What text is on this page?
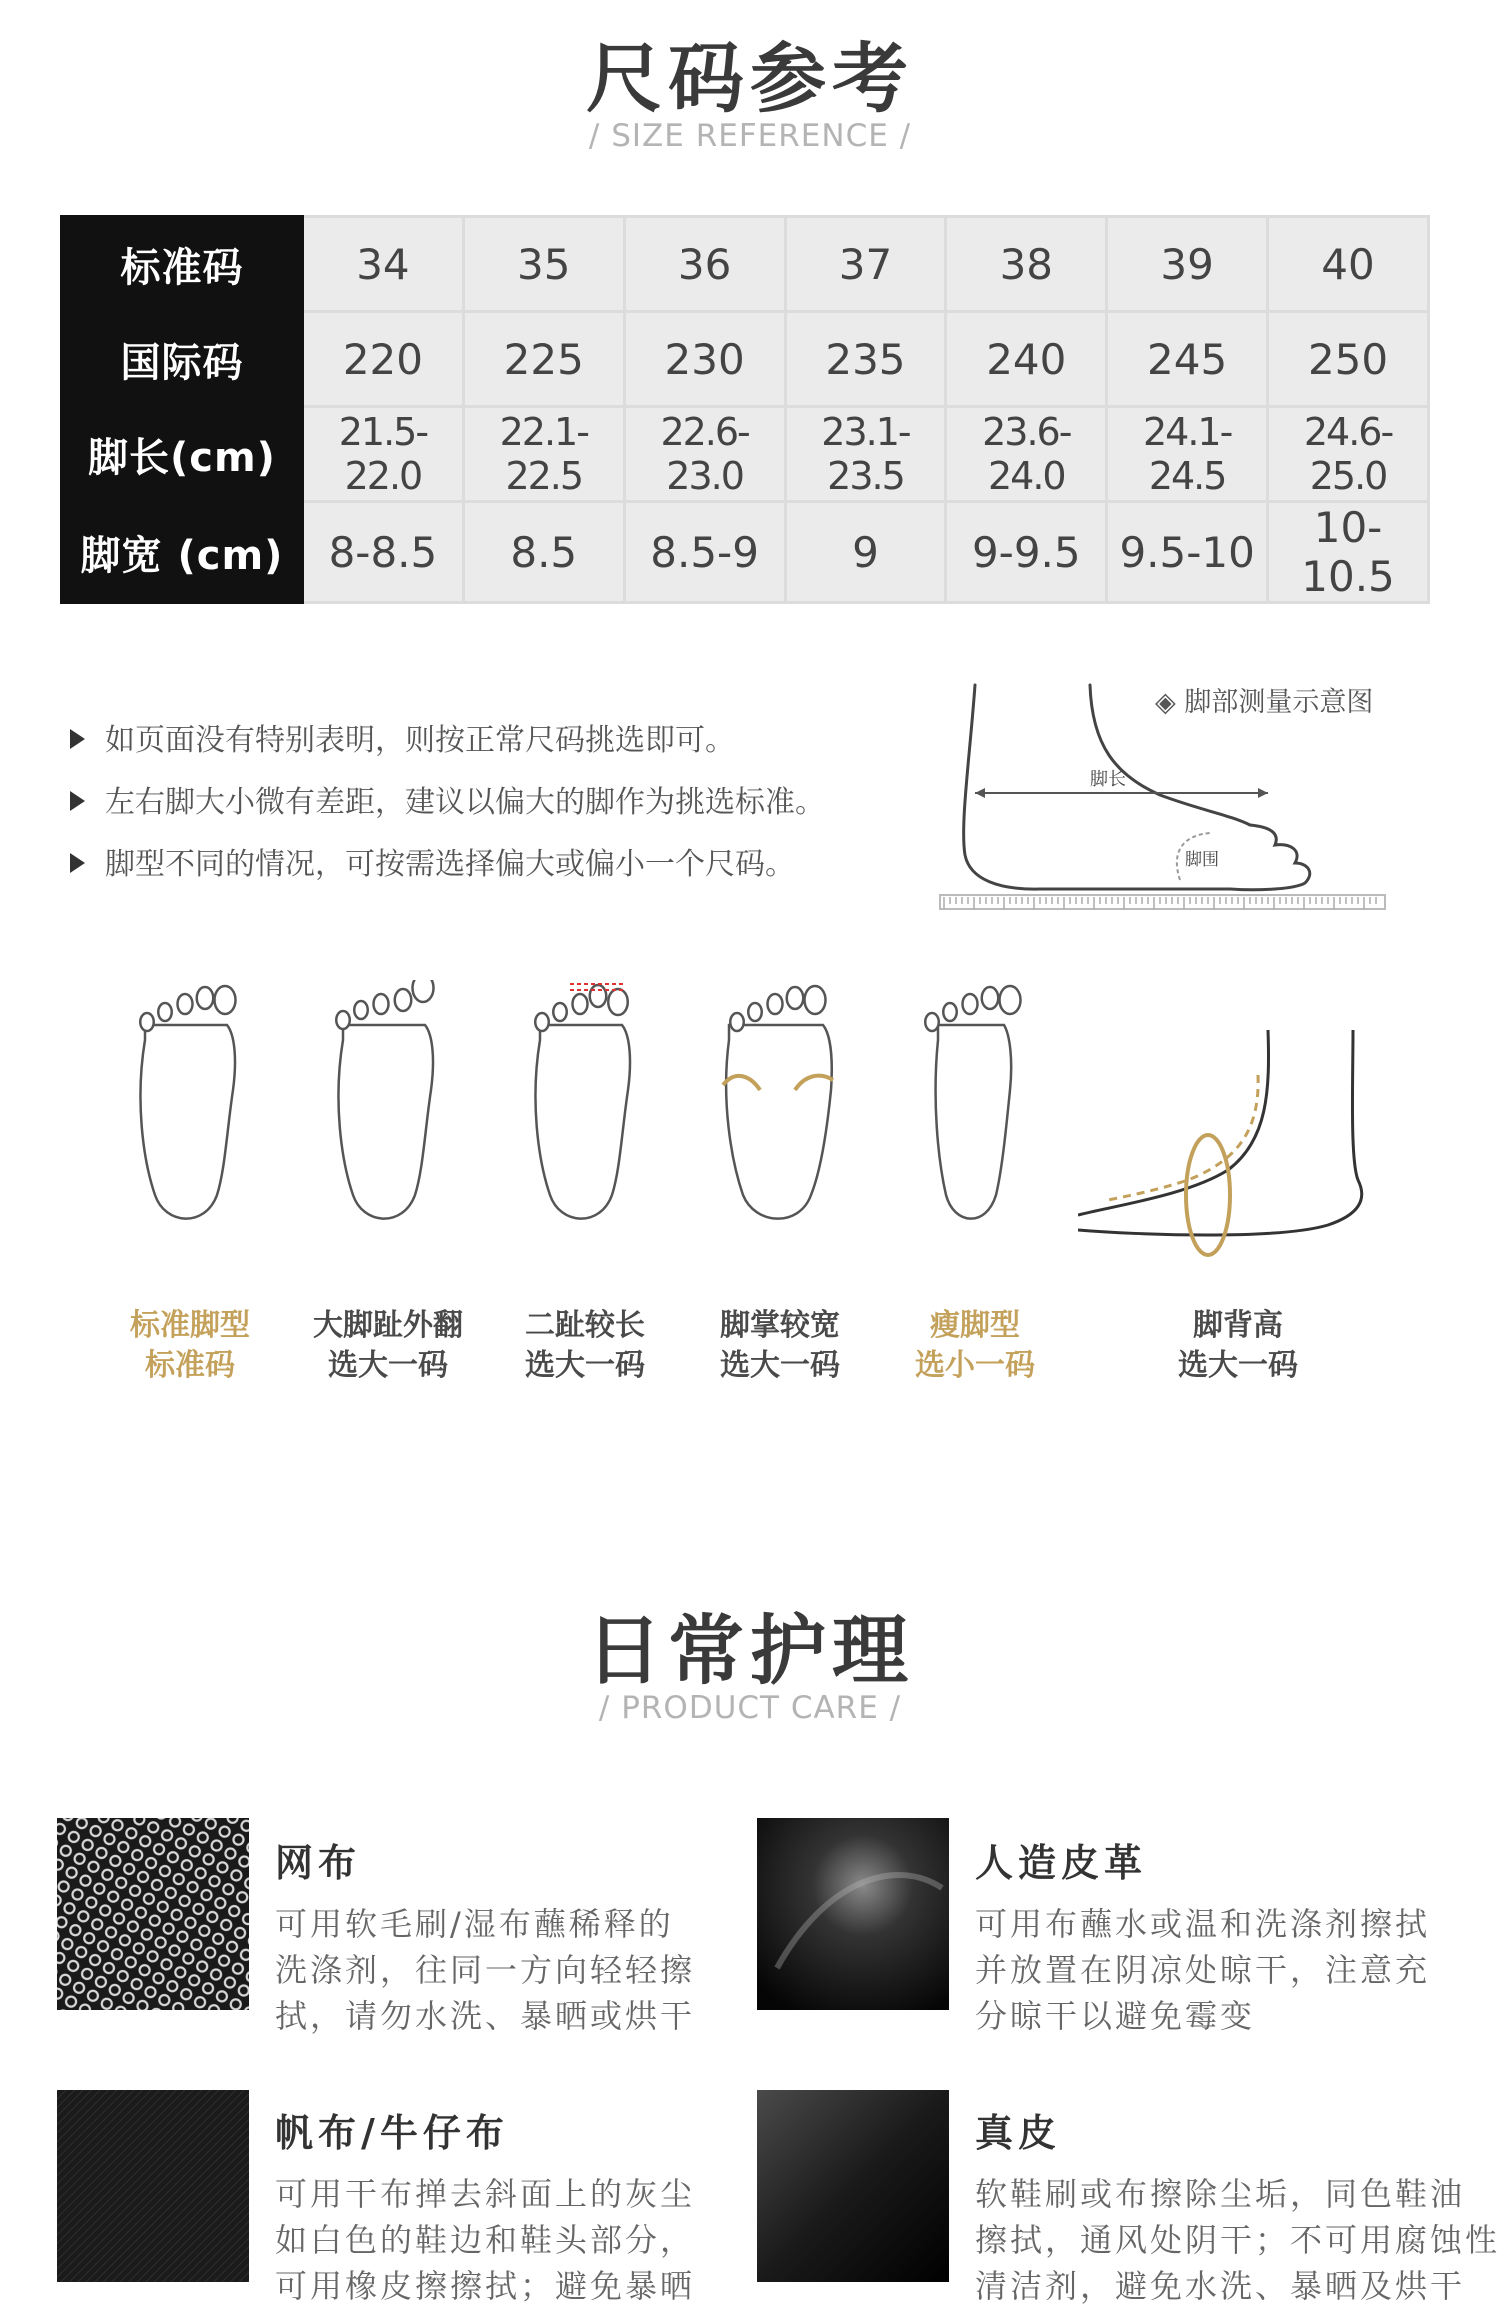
尺码参考
/ SIZE REFERENCE /
标准码	34	35	36	37	38	39	40
国际码	220	225	230	235	240	245	250
脚长(cm)	21.5-22.0	22.1-22.5	22.6-23.0	23.1-23.5	23.6-24.0	24.1-24.5	24.6-25.0
脚宽 (cm)	8-8.5	8.5	8.5-9	9	9-9.5	9.5-10	10-10.5
如页面没有特别表明，则按正常尺码挑选即可。
左右脚大小微有差距，建议以偏大的脚作为挑选标准。
脚型不同的情况，可按需选择偏大或偏小一个尺码。
◈ 脚部测量示意图
脚长
脚围
标准脚型
标准码
大脚趾外翻
选大一码
二趾较长
选大一码
脚掌较宽
选大一码
瘦脚型
选小一码
脚背高
选大一码
日常护理
/ PRODUCT CARE /
网布
可用软毛刷/湿布蘸稀释的
洗涤剂，往同一方向轻轻擦
拭，请勿水洗、暴晒或烘干
人造皮革
可用布蘸水或温和洗涤剂擦拭
并放置在阴凉处晾干，注意充
分晾干以避免霉变
帆布/牛仔布
可用干布掸去斜面上的灰尘
如白色的鞋边和鞋头部分，
可用橡皮擦擦拭；避免暴晒
真皮
软鞋刷或布擦除尘垢，同色鞋油
擦拭，通风处阴干；不可用腐蚀性
清洁剂，避免水洗、暴晒及烘干
